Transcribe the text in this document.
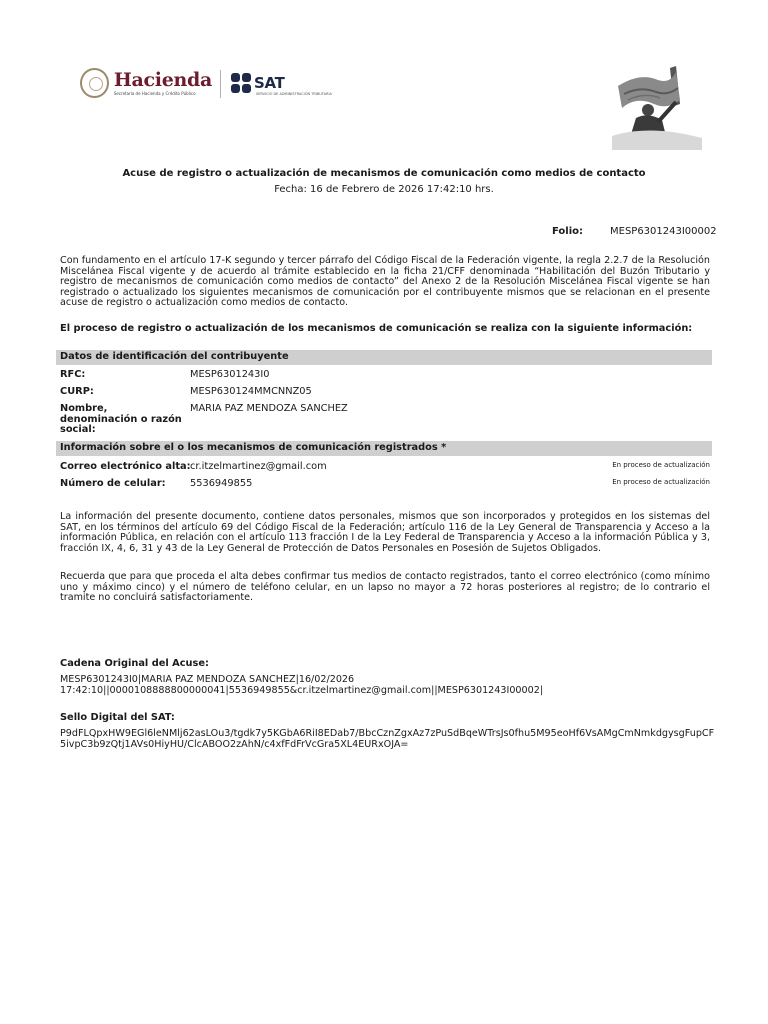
Hacienda
Secretaría de Hacienda y Crédito Público
SAT
SERVICIO DE ADMINISTRACIÓN TRIBUTARIA
Acuse de registro o actualización de mecanismos de comunicación como medios de contacto
Fecha: 16 de Febrero de 2026 17:42:10 hrs.
Folio:	MESP6301243I00002
Con fundamento en el artículo 17-K segundo y tercer párrafo del Código Fiscal de la Federación vigente, la regla 2.2.7 de la Resolución Miscelánea Fiscal vigente y de acuerdo al trámite establecido en la ficha 21/CFF denominada “Habilitación del Buzón Tributario y registro de mecanismos de comunicación como medios de contacto” del Anexo 2 de la Resolución Miscelánea Fiscal vigente se han registrado o actualizado los siguientes mecanismos de comunicación por el contribuyente mismos que se relacionan en el presente acuse de registro o actualización como medios de contacto.
El proceso de registro o actualización de los mecanismos de comunicación se realiza con la siguiente información:
Datos de identificación del contribuyente
RFC:	MESP6301243I0
CURP:	MESP630124MMCNNZ05
Nombre, denominación o razón social:
MARIA PAZ MENDOZA SANCHEZ
Información sobre el o los mecanismos de comunicación registrados *
Correo electrónico alta: cr.itzelmartinez@gmail.com	En proceso de actualización
Número de celular: 5536949855	En proceso de actualización
La información del presente documento, contiene datos personales, mismos que son incorporados y protegidos en los sistemas del SAT, en los términos del artículo 69 del Código Fiscal de la Federación; artículo 116 de la Ley General de Transparencia y Acceso a la información Pública, en relación con el artículo 113 fracción I de la Ley Federal de Transparencia y Acceso a la información Pública y 3, fracción IX, 4, 6, 31 y 43 de la Ley General de Protección de Datos Personales en Posesión de Sujetos Obligados.
Recuerda que para que proceda el alta debes confirmar tus medios de contacto registrados, tanto el correo electrónico (como mínimo uno y máximo cinco) y el número de teléfono celular, en un lapso no mayor a 72 horas posteriores al registro; de lo contrario el tramite no concluirá satisfactoriamente.
Cadena Original del Acuse:
MESP6301243I0|MARIA PAZ MENDOZA SANCHEZ|16/02/2026 17:42:10||0000108888800000041|5536949855&cr.itzelmartinez@gmail.com||MESP6301243I00002|
Sello Digital del SAT:
P9dFLQpxHW9EGl6leNMlj62asLOu3/tgdk7y5KGbA6RiI8EDab7/BbcCznZgxAz7zPuSdBqeWTrsJs0fhu5M95eoHf6VsAMgCmNmkdgysgFupCF5ivpC3b9zQtj1AVs0HiyHU/ClcABOO2zAhN/c4xfFdFrVcGra5XL4EURxOJA=
